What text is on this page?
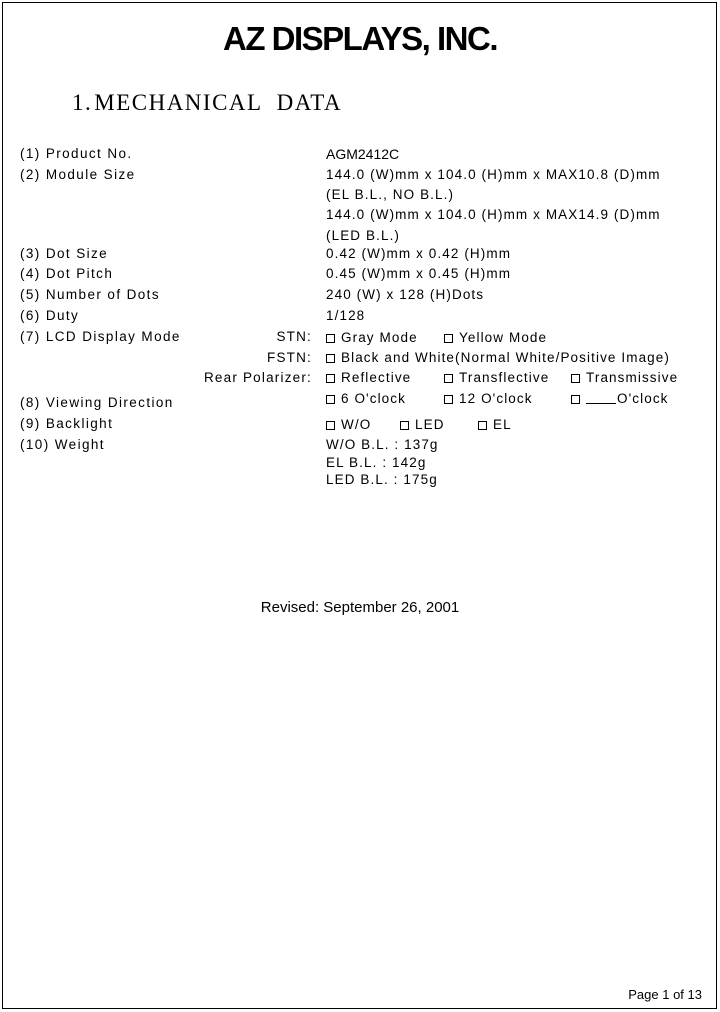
AZ DISPLAYS, INC.
1.MECHANICAL DATA
(1) Product No.	AGM2412C
(2) Module Size	144.0 (W)mm x 104.0 (H)mm x MAX10.8 (D)mm
(EL B.L., NO B.L.)
144.0 (W)mm x 104.0 (H)mm x MAX14.9 (D)mm
(LED B.L.)
(3) Dot Size	0.42 (W)mm x 0.42 (H)mm
(4) Dot Pitch	0.45 (W)mm x 0.45 (H)mm
(5) Number of Dots	240 (W) x 128 (H)Dots
(6) Duty	1/128
(7) LCD Display Mode	STN:	Gray Mode	Yellow Mode
FSTN:	Black and White(Normal White/Positive Image)
Rear Polarizer:	Reflective	Transflective	Transmissive
(8) Viewing Direction	6 O'clock	12 O'clock	O'clock
(9) Backlight	W/O	LED	EL
(10) Weight	W/O B.L. : 137g
EL B.L. : 142g
LED B.L. : 175g
Revised: September 26, 2001
Page 1 of 13
